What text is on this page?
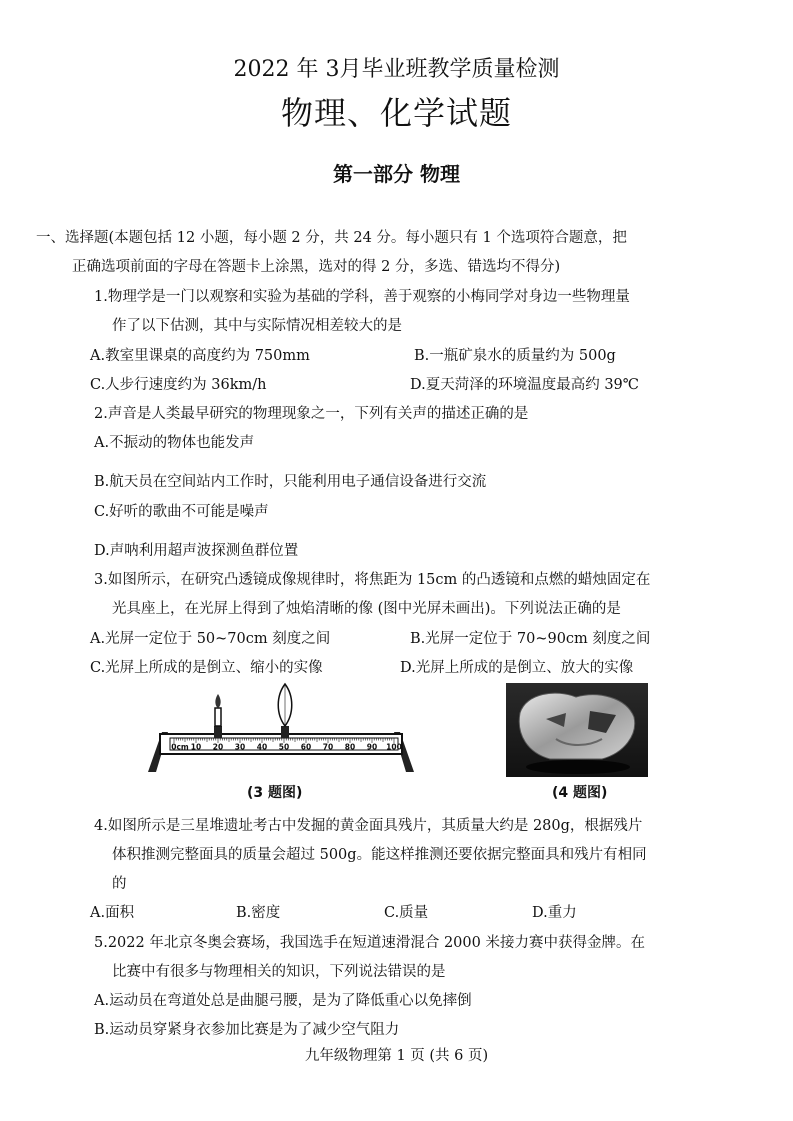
2022 年 3月毕业班教学质量检测
物理、化学试题
第一部分 物理
一、选择题(本题包括 12 小题，每小题 2 分，共 24 分。每小题只有 1 个选项符合题意，把
正确选项前面的字母在答题卡上涂黑，选对的得 2 分，多选、错选均不得分)
1.物理学是一门以观察和实验为基础的学科，善于观察的小梅同学对身边一些物理量
作了以下估测，其中与实际情况相差较大的是
A.教室里课桌的高度约为 750mm	B.一瓶矿泉水的质量约为 500g
C.人步行速度约为 36km/h	D.夏天菏泽的环境温度最高约 39℃
2.声音是人类最早研究的物理现象之一，下列有关声的描述正确的是
A.不振动的物体也能发声
B.航天员在空间站内工作时，只能利用电子通信设备进行交流
C.好听的歌曲不可能是噪声
D.声呐利用超声波探测鱼群位置
3.如图所示，在研究凸透镜成像规律时，将焦距为 15cm 的凸透镜和点燃的蜡烛固定在
光具座上，在光屏上得到了烛焰清晰的像 (图中光屏未画出)。下列说法正确的是
A.光屏一定位于 50~70cm 刻度之间	B.光屏一定位于 70~90cm 刻度之间
C.光屏上所成的是倒立、缩小的实像	D.光屏上所成的是倒立、放大的实像
0cm 10 20 30 40 50 60 70 80 90 100
(3 题图)	(4 题图)
4.如图所示是三星堆遗址考古中发掘的黄金面具残片，其质量大约是 280g，根据残片
体积推测完整面具的质量会超过 500g。能这样推测还要依据完整面具和残片有相同
的
A.面积	B.密度	C.质量	D.重力
5.2022 年北京冬奥会赛场，我国选手在短道速滑混合 2000 米接力赛中获得金牌。在
比赛中有很多与物理相关的知识，下列说法错误的是
A.运动员在弯道处总是曲腿弓腰，是为了降低重心以免摔倒
B.运动员穿紧身衣参加比赛是为了减少空气阻力
九年级物理第 1 页 (共 6 页)
